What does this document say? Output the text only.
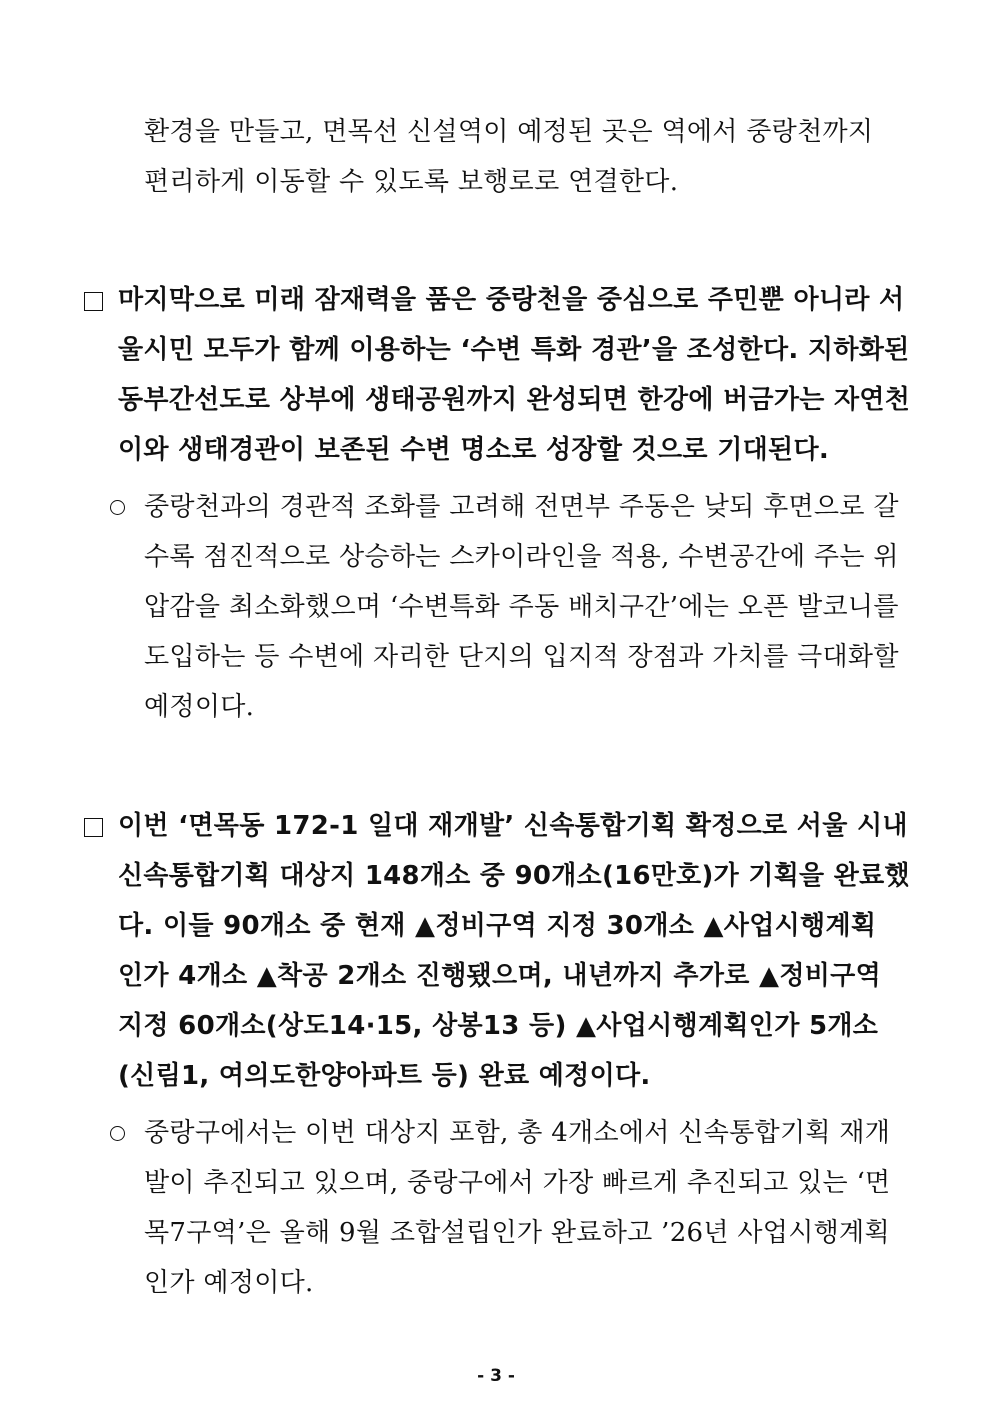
환경을 만들고, 면목선 신설역이 예정된 곳은 역에서 중랑천까지
편리하게 이동할 수 있도록 보행로로 연결한다.
마지막으로 미래 잠재력을 품은 중랑천을 중심으로 주민뿐 아니라 서
울시민 모두가 함께 이용하는 ‘수변 특화 경관’을 조성한다. 지하화된
동부간선도로 상부에 생태공원까지 완성되면 한강에 버금가는 자연천
이와 생태경관이 보존된 수변 명소로 성장할 것으로 기대된다.
중랑천과의 경관적 조화를 고려해 전면부 주동은 낮되 후면으로 갈
수록 점진적으로 상승하는 스카이라인을 적용, 수변공간에 주는 위
압감을 최소화했으며 ‘수변특화 주동 배치구간’에는 오픈 발코니를
도입하는 등 수변에 자리한 단지의 입지적 장점과 가치를 극대화할
예정이다.
이번 ‘면목동 172-1 일대 재개발’ 신속통합기획 확정으로 서울 시내
신속통합기획 대상지 148개소 중 90개소(16만호)가 기획을 완료했
다. 이들 90개소 중 현재 ▲정비구역 지정 30개소 ▲사업시행계획
인가 4개소 ▲착공 2개소 진행됐으며, 내년까지 추가로 ▲정비구역
지정 60개소(상도14·15, 상봉13 등) ▲사업시행계획인가 5개소
(신림1, 여의도한양아파트 등) 완료 예정이다.
중랑구에서는 이번 대상지 포함, 총 4개소에서 신속통합기획 재개
발이 추진되고 있으며, 중랑구에서 가장 빠르게 추진되고 있는 ‘면
목7구역’은 올해 9월 조합설립인가 완료하고 ’26년 사업시행계획
인가 예정이다.
- 3 -
